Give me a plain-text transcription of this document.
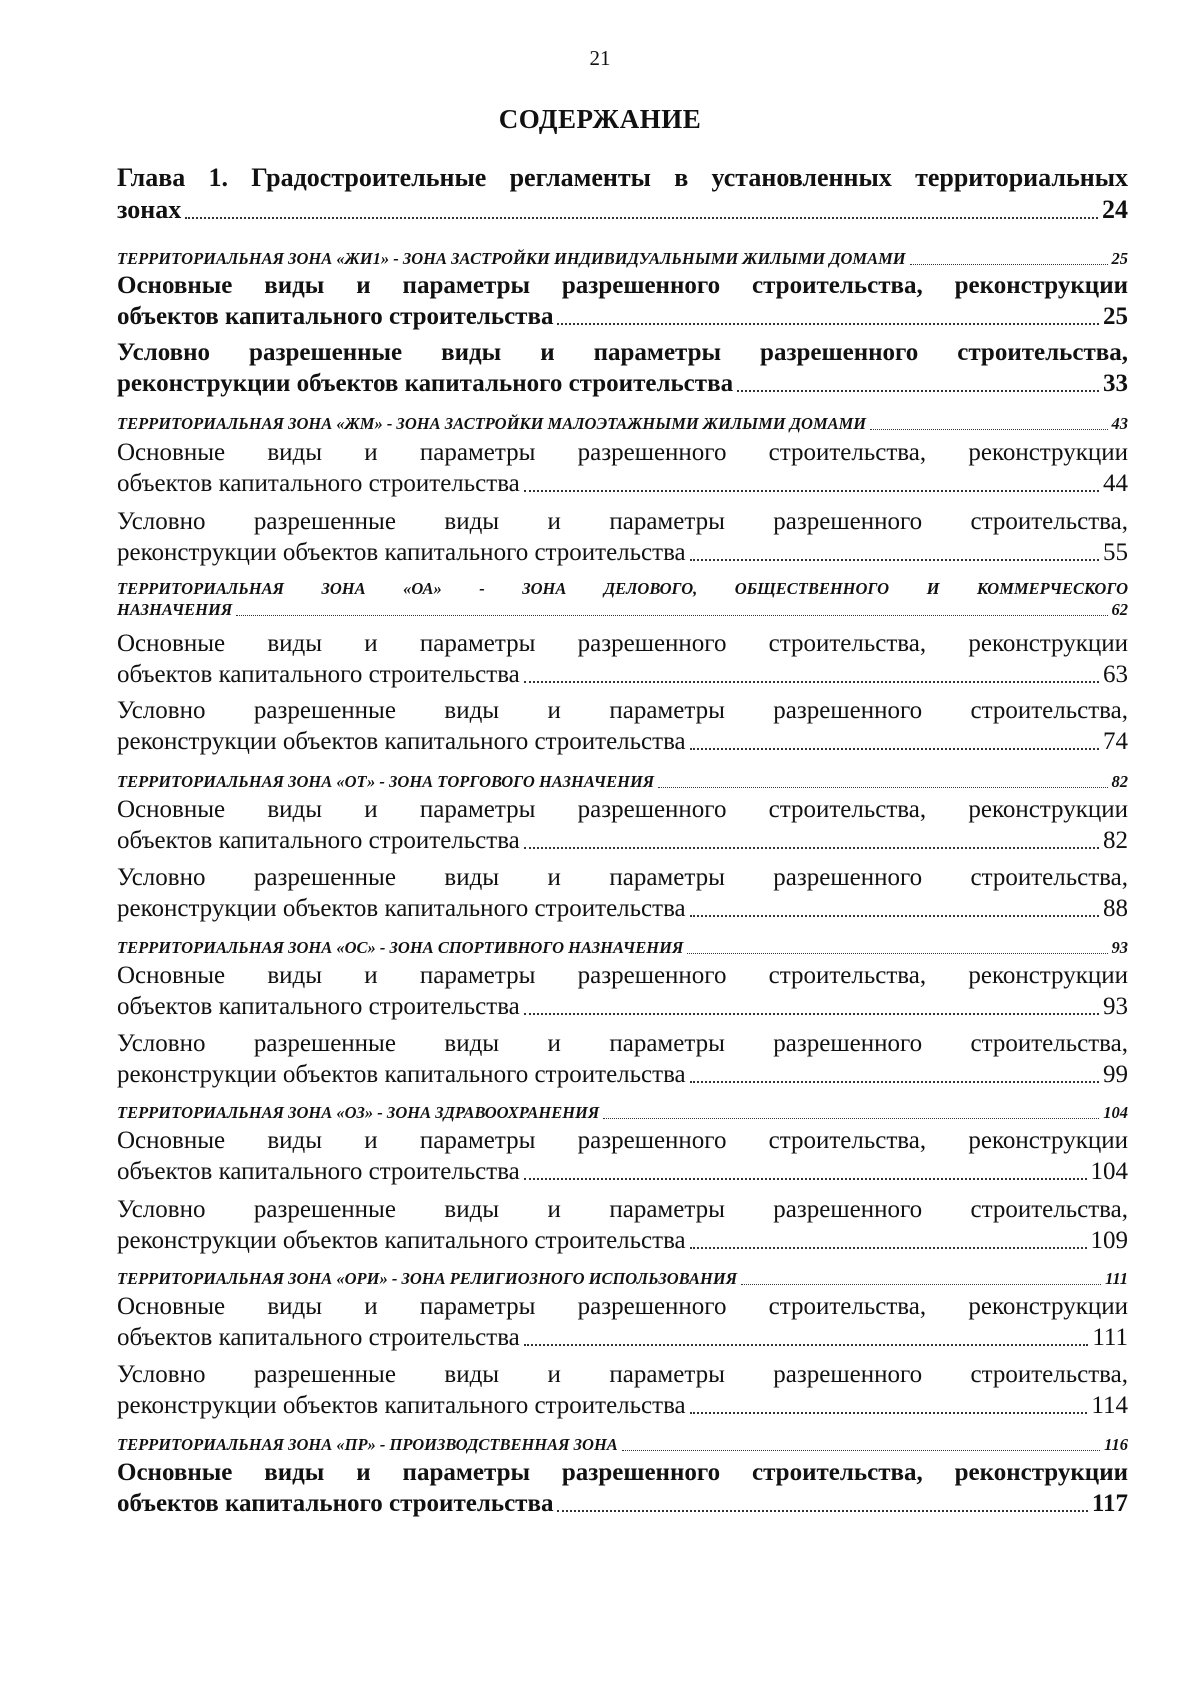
21
СОДЕРЖАНИЕ
Глава 1. Градостроительные регламенты в установленных территориальных
зонах	24
ТЕРРИТОРИАЛЬНАЯ ЗОНА «ЖИ1» - ЗОНА ЗАСТРОЙКИ ИНДИВИДУАЛЬНЫМИ ЖИЛЫМИ ДОМАМИ	25
Основные виды и параметры разрешенного строительства, реконструкции
объектов капитального строительства	25
Условно разрешенные виды и параметры разрешенного строительства,
реконструкции объектов капитального строительства	33
ТЕРРИТОРИАЛЬНАЯ ЗОНА «ЖМ» - ЗОНА ЗАСТРОЙКИ МАЛОЭТАЖНЫМИ ЖИЛЫМИ ДОМАМИ	43
Основные виды и параметры разрешенного строительства, реконструкции
объектов капитального строительства	44
Условно разрешенные виды и параметры разрешенного строительства,
реконструкции объектов капитального строительства	55
ТЕРРИТОРИАЛЬНАЯ ЗОНА «ОА» - ЗОНА ДЕЛОВОГО, ОБЩЕСТВЕННОГО И КОММЕРЧЕСКОГО
НАЗНАЧЕНИЯ	62
Основные виды и параметры разрешенного строительства, реконструкции
объектов капитального строительства	63
Условно разрешенные виды и параметры разрешенного строительства,
реконструкции объектов капитального строительства	74
ТЕРРИТОРИАЛЬНАЯ ЗОНА «ОТ» - ЗОНА ТОРГОВОГО НАЗНАЧЕНИЯ	82
Основные виды и параметры разрешенного строительства, реконструкции
объектов капитального строительства	82
Условно разрешенные виды и параметры разрешенного строительства,
реконструкции объектов капитального строительства	88
ТЕРРИТОРИАЛЬНАЯ ЗОНА «ОС» - ЗОНА СПОРТИВНОГО НАЗНАЧЕНИЯ	93
Основные виды и параметры разрешенного строительства, реконструкции
объектов капитального строительства	93
Условно разрешенные виды и параметры разрешенного строительства,
реконструкции объектов капитального строительства	99
ТЕРРИТОРИАЛЬНАЯ ЗОНА «ОЗ» - ЗОНА ЗДРАВООХРАНЕНИЯ	104
Основные виды и параметры разрешенного строительства, реконструкции
объектов капитального строительства	104
Условно разрешенные виды и параметры разрешенного строительства,
реконструкции объектов капитального строительства	109
ТЕРРИТОРИАЛЬНАЯ ЗОНА «ОРИ» - ЗОНА РЕЛИГИОЗНОГО ИСПОЛЬЗОВАНИЯ	111
Основные виды и параметры разрешенного строительства, реконструкции
объектов капитального строительства	111
Условно разрешенные виды и параметры разрешенного строительства,
реконструкции объектов капитального строительства	114
ТЕРРИТОРИАЛЬНАЯ ЗОНА «ПР» - ПРОИЗВОДСТВЕННАЯ ЗОНА	116
Основные виды и параметры разрешенного строительства, реконструкции
объектов капитального строительства	117
